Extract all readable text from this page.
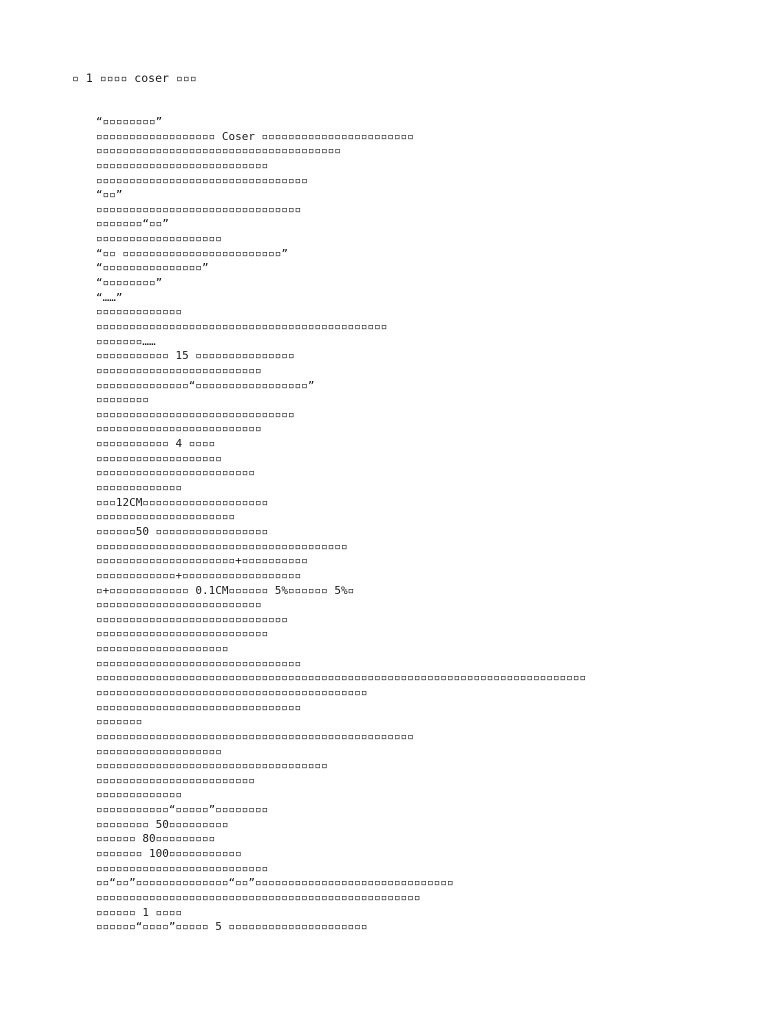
▫ 1 ▫▫▫▫ coser ▫▫▫
“▫▫▫▫▫▫▫▫”
▫▫▫▫▫▫▫▫▫▫▫▫▫▫▫▫▫▫ Coser ▫▫▫▫▫▫▫▫▫▫▫▫▫▫▫▫▫▫▫▫▫▫▫
▫▫▫▫▫▫▫▫▫▫▫▫▫▫▫▫▫▫▫▫▫▫▫▫▫▫▫▫▫▫▫▫▫▫▫▫▫
▫▫▫▫▫▫▫▫▫▫▫▫▫▫▫▫▫▫▫▫▫▫▫▫▫▫
▫▫▫▫▫▫▫▫▫▫▫▫▫▫▫▫▫▫▫▫▫▫▫▫▫▫▫▫▫▫▫▫
“▫▫”
▫▫▫▫▫▫▫▫▫▫▫▫▫▫▫▫▫▫▫▫▫▫▫▫▫▫▫▫▫▫▫
▫▫▫▫▫▫▫“▫▫”
▫▫▫▫▫▫▫▫▫▫▫▫▫▫▫▫▫▫▫
“▫▫ ▫▫▫▫▫▫▫▫▫▫▫▫▫▫▫▫▫▫▫▫▫▫▫▫”
“▫▫▫▫▫▫▫▫▫▫▫▫▫▫▫”
“▫▫▫▫▫▫▫▫”
“……”
▫▫▫▫▫▫▫▫▫▫▫▫▫
▫▫▫▫▫▫▫▫▫▫▫▫▫▫▫▫▫▫▫▫▫▫▫▫▫▫▫▫▫▫▫▫▫▫▫▫▫▫▫▫▫▫▫▫
▫▫▫▫▫▫▫……
▫▫▫▫▫▫▫▫▫▫▫ 15 ▫▫▫▫▫▫▫▫▫▫▫▫▫▫▫
▫▫▫▫▫▫▫▫▫▫▫▫▫▫▫▫▫▫▫▫▫▫▫▫▫
▫▫▫▫▫▫▫▫▫▫▫▫▫▫“▫▫▫▫▫▫▫▫▫▫▫▫▫▫▫▫▫”
▫▫▫▫▫▫▫▫
▫▫▫▫▫▫▫▫▫▫▫▫▫▫▫▫▫▫▫▫▫▫▫▫▫▫▫▫▫▫
▫▫▫▫▫▫▫▫▫▫▫▫▫▫▫▫▫▫▫▫▫▫▫▫▫
▫▫▫▫▫▫▫▫▫▫▫ 4 ▫▫▫▫
▫▫▫▫▫▫▫▫▫▫▫▫▫▫▫▫▫▫▫
▫▫▫▫▫▫▫▫▫▫▫▫▫▫▫▫▫▫▫▫▫▫▫▫
▫▫▫▫▫▫▫▫▫▫▫▫▫
▫▫▫12CM▫▫▫▫▫▫▫▫▫▫▫▫▫▫▫▫▫▫▫
▫▫▫▫▫▫▫▫▫▫▫▫▫▫▫▫▫▫▫▫▫
▫▫▫▫▫▫50 ▫▫▫▫▫▫▫▫▫▫▫▫▫▫▫▫▫
▫▫▫▫▫▫▫▫▫▫▫▫▫▫▫▫▫▫▫▫▫▫▫▫▫▫▫▫▫▫▫▫▫▫▫▫▫▫
▫▫▫▫▫▫▫▫▫▫▫▫▫▫▫▫▫▫▫▫▫+▫▫▫▫▫▫▫▫▫▫
▫▫▫▫▫▫▫▫▫▫▫▫+▫▫▫▫▫▫▫▫▫▫▫▫▫▫▫▫▫▫
▫+▫▫▫▫▫▫▫▫▫▫▫▫ 0.1CM▫▫▫▫▫▫ 5%▫▫▫▫▫▫ 5%▫
▫▫▫▫▫▫▫▫▫▫▫▫▫▫▫▫▫▫▫▫▫▫▫▫▫
▫▫▫▫▫▫▫▫▫▫▫▫▫▫▫▫▫▫▫▫▫▫▫▫▫▫▫▫▫
▫▫▫▫▫▫▫▫▫▫▫▫▫▫▫▫▫▫▫▫▫▫▫▫▫▫
▫▫▫▫▫▫▫▫▫▫▫▫▫▫▫▫▫▫▫▫
▫▫▫▫▫▫▫▫▫▫▫▫▫▫▫▫▫▫▫▫▫▫▫▫▫▫▫▫▫▫▫
▫▫▫▫▫▫▫▫▫▫▫▫▫▫▫▫▫▫▫▫▫▫▫▫▫▫▫▫▫▫▫▫▫▫▫▫▫▫▫▫▫▫▫▫▫▫▫▫▫▫▫▫▫▫▫▫▫▫▫▫▫▫▫▫▫▫▫▫▫▫▫▫▫▫
▫▫▫▫▫▫▫▫▫▫▫▫▫▫▫▫▫▫▫▫▫▫▫▫▫▫▫▫▫▫▫▫▫▫▫▫▫▫▫▫▫
▫▫▫▫▫▫▫▫▫▫▫▫▫▫▫▫▫▫▫▫▫▫▫▫▫▫▫▫▫▫▫
▫▫▫▫▫▫▫
▫▫▫▫▫▫▫▫▫▫▫▫▫▫▫▫▫▫▫▫▫▫▫▫▫▫▫▫▫▫▫▫▫▫▫▫▫▫▫▫▫▫▫▫▫▫▫▫
▫▫▫▫▫▫▫▫▫▫▫▫▫▫▫▫▫▫▫
▫▫▫▫▫▫▫▫▫▫▫▫▫▫▫▫▫▫▫▫▫▫▫▫▫▫▫▫▫▫▫▫▫▫▫
▫▫▫▫▫▫▫▫▫▫▫▫▫▫▫▫▫▫▫▫▫▫▫▫
▫▫▫▫▫▫▫▫▫▫▫▫▫
▫▫▫▫▫▫▫▫▫▫▫“▫▫▫▫▫”▫▫▫▫▫▫▫▫
▫▫▫▫▫▫▫▫ 50▫▫▫▫▫▫▫▫▫
▫▫▫▫▫▫ 80▫▫▫▫▫▫▫▫▫
▫▫▫▫▫▫▫ 100▫▫▫▫▫▫▫▫▫▫▫
▫▫▫▫▫▫▫▫▫▫▫▫▫▫▫▫▫▫▫▫▫▫▫▫▫▫
▫▫“▫▫”▫▫▫▫▫▫▫▫▫▫▫▫▫▫“▫▫”▫▫▫▫▫▫▫▫▫▫▫▫▫▫▫▫▫▫▫▫▫▫▫▫▫▫▫▫▫▫
▫▫▫▫▫▫▫▫▫▫▫▫▫▫▫▫▫▫▫▫▫▫▫▫▫▫▫▫▫▫▫▫▫▫▫▫▫▫▫▫▫▫▫▫▫▫▫▫▫
▫▫▫▫▫▫ 1 ▫▫▫▫
▫▫▫▫▫▫“▫▫▫▫”▫▫▫▫▫ 5 ▫▫▫▫▫▫▫▫▫▫▫▫▫▫▫▫▫▫▫▫▫
